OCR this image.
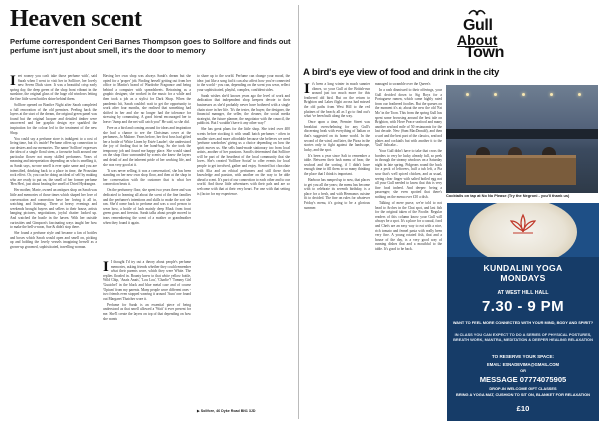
Heaven scent
Perfume correspondent Ceri Barnes Thompson goes to Sollfore and finds out perfume isn't just about smell, it's the door to memory
I eet rooney you can't take those perfume with', said Sarah when I went to visit her in Sollfore, her lovely new Seven Dials store. It was a beautiful crisp early spring day, the deep green of the shop front vibrant in the sunshine, the original glass of the huge old windows letting the fine little scent bottles shine behind them.

Sollfore opened on Bonfire Night after Sarah completed a full renovation of the old premises. Peeling back the layers at the start of the dream, the original green panel was found but the original lacquer and detailed timber were uncovered and her graphic design eye sparkled the inspiration for the colour led to the treatment of the new Shop.

You could say a perfume store is indulgent to a cost of living time, but it's inside! Perfume offers up connection to our desires and our memories. The name 'Sollfore' expresses the idea of a single floral stem, a favourite built around one particular flower not many skilled perfumers. Years of meaning and interpretation depending on who is smelling it, as Sarah says, no-one smell is ever quite same and you are intensified, drinking back to a place in time, the Proustian rock effect. Or, you can be doing an ideal of self by making who are ready to put on, the smell of her former perfume 'Hen Hen', just about beating the smell of Dried Hydrangea.

Her mother, Marie, owned an antiques shop on Sarah was little and memories of those times which shaped her love of conversation and connection have her loving it all in, watching and listening. There at heavy evenings and weekends brought buyers and sellers to their house, artists hanging pictures, negotiations, joyful chatter looked up. And watched the bustle in the haven. With her outside curiosities and Gimpson's fascinating ways taught her how to make the bell-a-noon, Sue & didn't stop there.

She found a perfume style and became a fan of bottles and boxes which Sarah would open and smell on, picking up and holding the lovely vessels imagining herself as a grown-up groomed, sophisticated, travelling woman.

Having her own shop was always Sarah's dream but she opted for a 'proper' job. Finding herself getting out from her office to Martin's brand of Wardrobe Fragrance and being behind a computer with spreadsheets. Retraining as a graphic designer, she worked in the music for a while and then took a job as a stylist for Dark Shop. When the pandemic hit, Sarah couldn't wait to get the opportunity to work after four months, she realised that something had shifted in her and she no longer had the tolerance for stressing by commuting. A good friend encouraged her to leave: 'Jump and the net will catch you!' He said, so she did.

Free as a bird and coming around for ideas and inspiration she had a chance to see the Christmas cover at the perfumers, Jo Malone. Years before, her first boss had gifted her a bottle of White Linen by Estée Lauder'; she understood the joy of finding that in her hand-bag. So she took the temporary job and found me happy place. She would stand on the shop floor surrounded by scents she knew the layers and detail of and the inherent pride of her working life, and she was very good at it.

'It was never selling, it was a conversation', she has been standing on her new own shop floor, and then at the shop in her conversation with the customer that is what her connection beats it.

On the perfumery floor, she spent two years there and was dedicated to learning all about the scent of the fine families and the perfumer's intentions and skills to make the sort she ran. She'd come back to perfume and was a cool person to wear how, a bottle of lush mainly deep Musk from front green grass and freesias. Sarah talks about people moved to tears remembering the scent of a mother or grandmother when they found it again.

I I thought I'd try out a theory about people's perfume memories, asking friends whether they could remember what their parents wore, which they were White. The replies flooded in. Bounty knew to that white yellow bottle, Wild Chip, 'Anaïs Anaïs', 'Lou Lou', 'Charlie'? 'Tommy Girl 'Guaichel' in the black and blue metal case and of course 'Opium' from my parents. Many people wore different ones - two friends even stopped wearing it around 'Aura' one found out Margaret Thatcher wore it.

Perfume for Sarah is an essential piece of being understood as that smell allowed a 'Wait' it ever present for me. She'll create the layers on top of that depending on how she wants

to share up to the world. Perfume can change your mood, the idea: just like a song fad it can also affect how you're connected to the world - you can, depending on the scent you wear, reflect your sophisticated, playful, complex, confident sides.

Sarah wishes she'd known years ago the level of work and dedication that independent shop keepers devote to their businesses as she'd probably never have bothered with a single chain store in her life. 'It's the tester, the buyer, the designer, the financial manager, the seller, the cleaner, the social media strategist, the future planner, the negotiator with the council, the publicist. But I wouldn't have it any other way!'

She has great plans for the little shop. She tried over 400 scents before stocking it with small batch perfumes - often in smaller sizes and more affordable because she believes we need 'perfume wardrobes' giving us a choice depending on how the spirit moves us. She sells hand-made stationary too from local artists, another of her passions. Sarah's determined that Sollfore will be part of the heartbeat of the local community that she loves. She's created 'Sollfore Social' to offer events for local people to get involved, gather and enjoy. Scented hot chocolate with Alia and an ethical perfumers and still these their knowledge and passion, with another on the way to be able ahead a scent. It's part of our connection to each other and to our world. And those little adventures with their pals and are so welcome with that at their very heart. For one with that setting is (factor for my experience.

▶Sollfore, 46 Dyke Road BN1 3JD
Gull
About
Town
A bird's eye view of food and drink in the city
I t's been a long winter in much sunnier climes, so your Gull at the British-run around just too much more for this feathered old bird. But on the return to Brighton and Lakes flight across had missed the old paths from West Hill to the red plutines of the beach; all as I go to find out's what 've been built along the way.

Once upon a time, Premier Street was breakfast overwhelming for any Gull's discerning beak with everything of Italian or that's suggested on its home world. In the second of the wind, and later, the Pizza in the stories only to fight against the landscape, lucky, and the spot.

It's been a year since Salt to remember a table. Between their lush menu of bear, the seafood and the sorting, if I didn't have enough time to fill them to so many thinking the place that I think is important.

Harbour has ramped up to now, that places to get you all the years; the menu has become with to celebrate its seventh birthday, is a place for a fresh, and with Hermanos cuisine fit to decided. The fine on rules for whatever Friday's menu, it's going to be a glorious summer.

managed to scramble over the Queen's

In a rash dismissed to their offerings, your Gull decided down to Sig Boys for a Portuguese ramen, which came highly rated from our feathered foodies. But the queues on the moment it's at; about the new the old 'Fat Mo' in the Toon. This from the spring Gull has spent some browsing around the best tale on Brighton, with Hove Peace seafood and many another seafood mile of 50 restaurants for the last decade. New (Sam MacDonald), and then a surf and the best part of the classics, seafood plates and cocktails but with another it to the 'Gull' fishcake...

Your Gull didn't have to take that cross the borders to very be lucky already full, so peek in through the steamy windows on a Saturday night in late spring. Pidgeons round the back for a peck of leftovers, half a tub left, a Pia sour that's well spiced chicken, and as usual, seeing clear finger with salted boiled egg not all your Gull needed to know that this is very fine food indeed. And deeper: being a passenger; she even spotted that there's nothing on the menu over £10 a dish.

Talking of mere purse, we're told to not head to Arches in the Chat spot, and last fish for the original taken of the Foodie. Regular readers of this column know your Gull will always be a spot. It's a place for a casual, food and Chefs are an easy way to eat with a nice, rich tomato and fennel pasta with really been very fine. A young rotated fish, that and a house of the day, is a very good way of running dishes that and a mouthful to the table. It's good to be back.

Cocktails on tap at No No Please (Try the Negroni - you'll thank us)
KUNDALINI YOGA
MONDAYS
AT WEST HILL HALL
7.30 - 9 PM
WANT TO FEEL MORE CONNECTED WITH YOUR MIND, BODY AND SPIRIT?
IN CLASS YOU CAN EXPECT TO DO A SERIES OF PHYSICAL POSTURES, BREATH WORK, MANTRA, MEDITATION & DEEPER HEALING RELAXATION
TO RESERVE YOUR SPACE:
EMAIL: ESNADEVIMA@GMAIL.COM
OR
MESSAGE 07774075905
DROP-IN WELCOME GIFT CLASSES
BRING A YOGA MAT, CUSHION TO SIT ON, BLANKET FOR RELAXATION
£10
